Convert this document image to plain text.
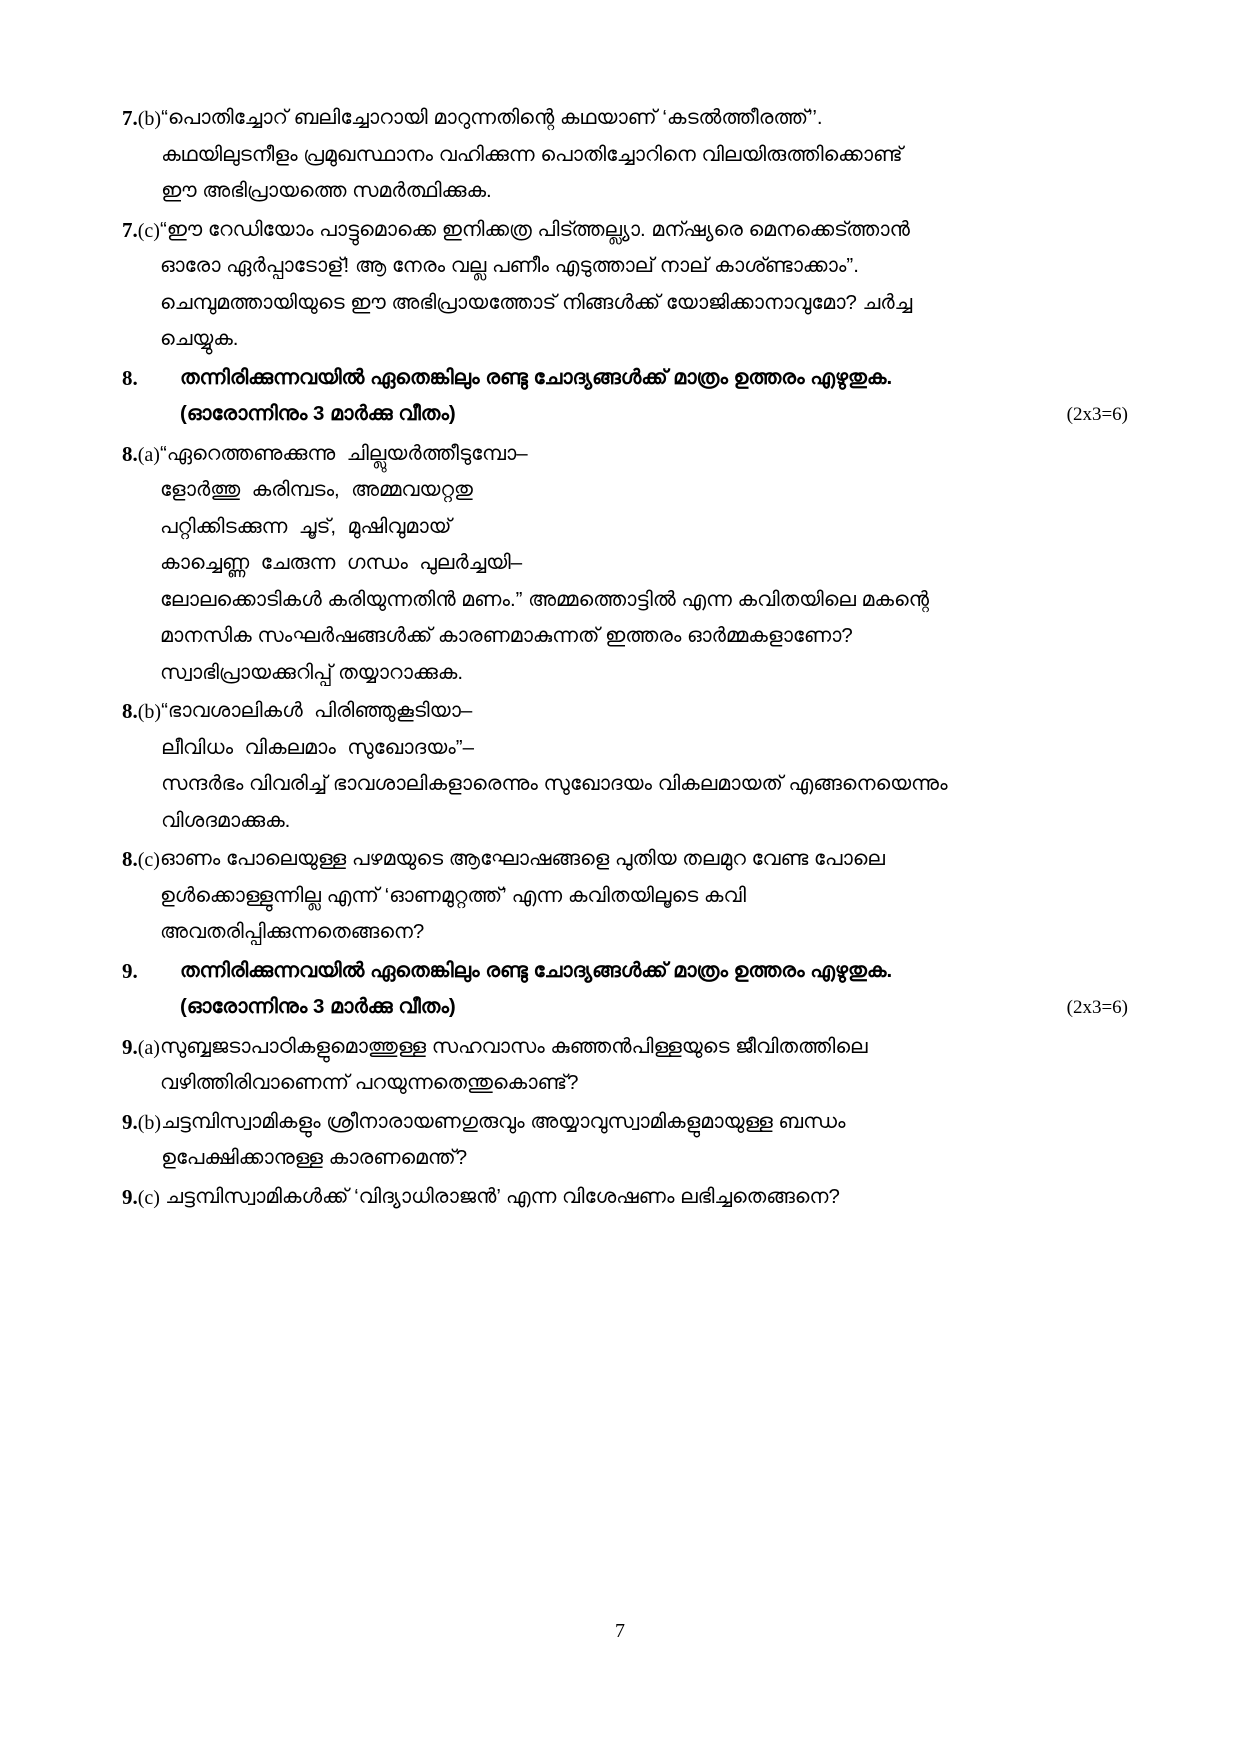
7.(b) “പൊതിച്ചോറ് ബലിച്ചോറായി മാറുന്നതിന്റെ കഥയാണ് ‘കടൽത്തീരത്ത്’’.

കഥയിലുടനീളം പ്രമുഖസ്ഥാനം വഹിക്കുന്ന പൊതിച്ചോറിനെ വിലയിരുത്തിക്കൊണ്ട്

ഈ അഭിപ്രായത്തെ സമർത്ഥിക്കുക.

7.(c) “ഈ റേഡിയോം പാട്ടുമൊക്കെ ഇനിക്കത്ര പിട്ത്തല്ല്യാ. മന്ഷ്യരെ മെനക്കെട്ത്താൻ

ഓരോ ഏർപ്പാടോള്! ആ നേരം വല്ല പണീം എടുത്താല് നാല് കാശ്ണ്ടാക്കാം”.

ചെമ്പുമത്തായിയുടെ ഈ അഭിപ്രായത്തോട് നിങ്ങൾക്ക് യോജിക്കാനാവുമോ? ചർച്ച

ചെയ്യുക.

8.	തന്നിരിക്കുന്നവയിൽ ഏതെങ്കിലും രണ്ടു ചോദ്യങ്ങൾക്ക് മാത്രം ഉത്തരം എഴുതുക.

(ഓരോന്നിനും 3 മാർക്കു വീതം)	(2x3=6)
8.(a) “ഏറെത്തണുക്കുന്നു  ചില്ലുയർത്തീടുമ്പോ–

ളോർത്തു  കരിമ്പടം,  അമ്മവയറ്റതു

പറ്റിക്കിടക്കുന്ന  ചൂട്,  മുഷിവുമായ്

കാച്ചെണ്ണ  ചേരുന്ന  ഗന്ധം  പുലർച്ചയി–

ലോലക്കൊടികൾ കരിയുന്നതിൻ മണം.” അമ്മത്തൊട്ടിൽ എന്ന കവിതയിലെ മകന്റെ

മാനസിക സംഘർഷങ്ങൾക്ക് കാരണമാകുന്നത് ഇത്തരം ഓർമ്മകളാണോ?

സ്വാഭിപ്രായക്കുറിപ്പ് തയ്യാറാക്കുക.

8.(b) “ഭാവശാലികൾ  പിരിഞ്ഞുകൂടിയാ–

ലീവിധം  വികലമാം  സുഖോദയം”–

സന്ദർഭം വിവരിച്ച് ഭാവശാലികളാരെന്നും സുഖോദയം വികലമായത് എങ്ങനെയെന്നും

വിശദമാക്കുക.

8.(c) ഓണം പോലെയുള്ള പഴമയുടെ ആഘോഷങ്ങളെ പുതിയ തലമുറ വേണ്ട പോലെ

ഉൾക്കൊള്ളുന്നില്ല എന്ന് ‘ഓണമുറ്റത്ത്’ എന്ന കവിതയിലൂടെ കവി

അവതരിപ്പിക്കുന്നതെങ്ങനെ?

9.	തന്നിരിക്കുന്നവയിൽ ഏതെങ്കിലും രണ്ടു ചോദ്യങ്ങൾക്ക് മാത്രം ഉത്തരം എഴുതുക.

(ഓരോന്നിനും 3 മാർക്കു വീതം)	(2x3=6)
9.(a) സുബ്ബജടാപാഠികളുമൊത്തുള്ള സഹവാസം കുഞ്ഞൻപിള്ളയുടെ ജീവിതത്തിലെ

വഴിത്തിരിവാണെന്ന് പറയുന്നതെന്തുകൊണ്ട്?

9.(b) ചട്ടമ്പിസ്വാമികളും ശ്രീനാരായണഗുരുവും അയ്യാവുസ്വാമികളുമായുള്ള ബന്ധം

ഉപേക്ഷിക്കാനുള്ള കാരണമെന്ത്?

9.(c) ചട്ടമ്പിസ്വാമികൾക്ക് ‘വിദ്യാധിരാജൻ’ എന്ന വിശേഷണം ലഭിച്ചതെങ്ങനെ?

7
